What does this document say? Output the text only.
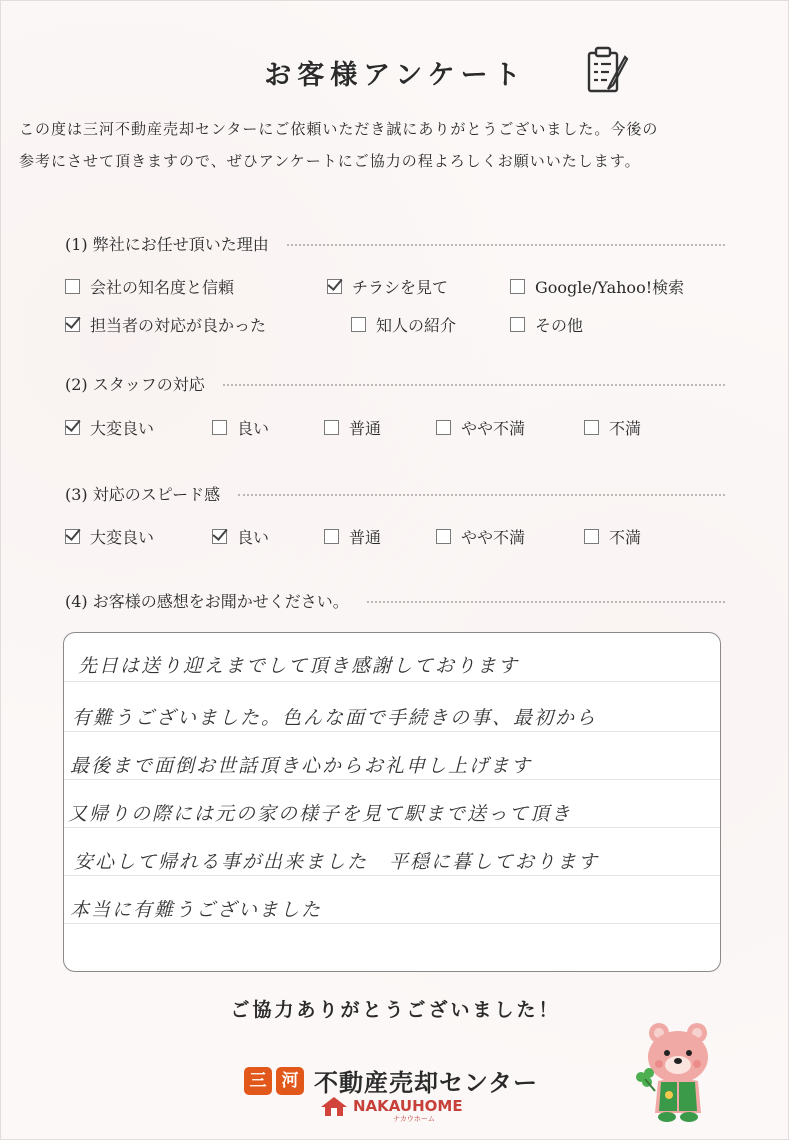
お客様アンケート
この度は三河不動産売却センターにご依頼いただき誠にありがとうございました。今後の
参考にさせて頂きますので、ぜひアンケートにご協力の程よろしくお願いいたします。
(1) 弊社にお任せ頂いた理由
会社の知名度と信頼	チラシを見て	Google/Yahoo!検索
担当者の対応が良かった	知人の紹介	その他
(2) スタッフの対応
大変良い	良い	普通	やや不満	不満
(3) 対応のスピード感
大変良い	良い	普通	やや不満	不満
(4) お客様の感想をお聞かせください。
先日は送り迎えまでして頂き感謝しております
有難うございました。色んな面で手続きの事、最初から
最後まで面倒お世話頂き心からお礼申し上げます
又帰りの際には元の家の様子を見て駅まで送って頂き
安心して帰れる事が出来ました　平穏に暮しております
本当に有難うございました
ご協力ありがとうございました！
三 河 不動産売却センター
NAKAUHOME
ナカウホーム
